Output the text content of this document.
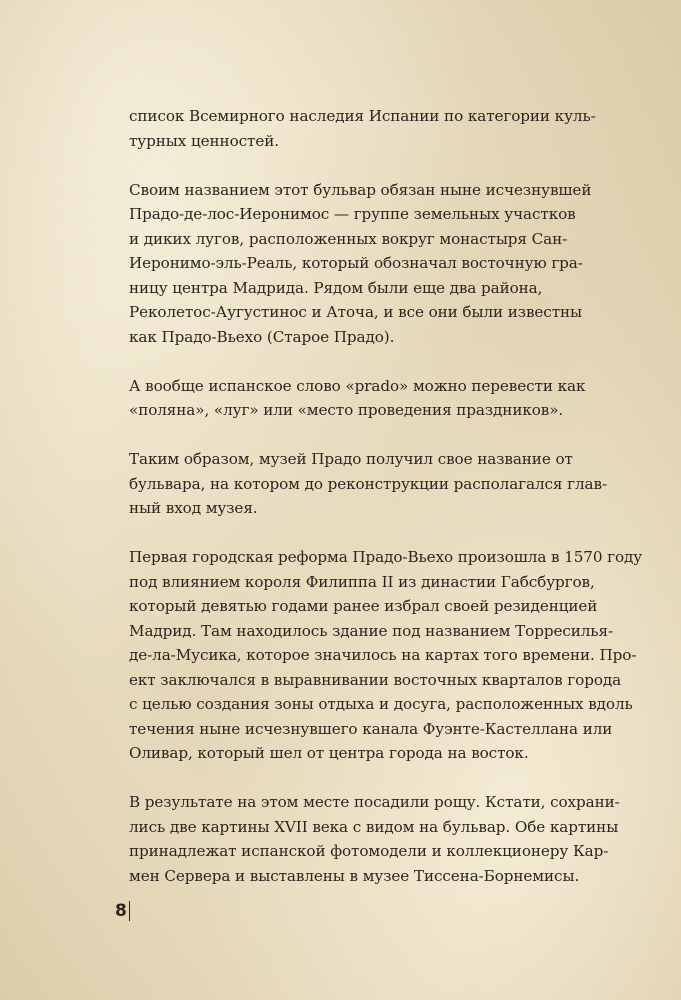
список Всемирного наследия Испании по категории куль-
турных ценностей.

Своим названием этот бульвар обязан ныне исчезнувшей
Прадо-де-лос-Иеронимос — группе земельных участков
и диких лугов, расположенных вокруг монастыря Сан-
Иеронимо-эль-Реаль, который обозначал восточную гра-
ницу центра Мадрида. Рядом были еще два района,
Реколетос-Аугустинос и Аточа, и все они были известны
как Прадо-Вьехо (Старое Прадо).

А вообще испанское слово «prado» можно перевести как
«поляна», «луг» или «место проведения праздников».

Таким образом, музей Прадо получил свое название от
бульвара, на котором до реконструкции располагался глав-
ный вход музея.

Первая городская реформа Прадо-Вьехо произошла в 1570 году
под влиянием короля Филиппа II из династии Габсбургов,
который девятью годами ранее избрал своей резиденцией
Мадрид. Там находилось здание под названием Торресилья-
де-ла-Мусика, которое значилось на картах того времени. Про-
ект заключался в выравнивании восточных кварталов города
с целью создания зоны отдыха и досуга, расположенных вдоль
течения ныне исчезнувшего канала Фуэнте-Кастеллана или
Оливар, который шел от центра города на восток.

В результате на этом месте посадили рощу. Кстати, сохрани-
лись две картины XVII века с видом на бульвар. Обе картины
принадлежат испанской фотомодели и коллекционеру Кар-
мен Сервера и выставлены в музее Тиссена-Борнемисы.

8
